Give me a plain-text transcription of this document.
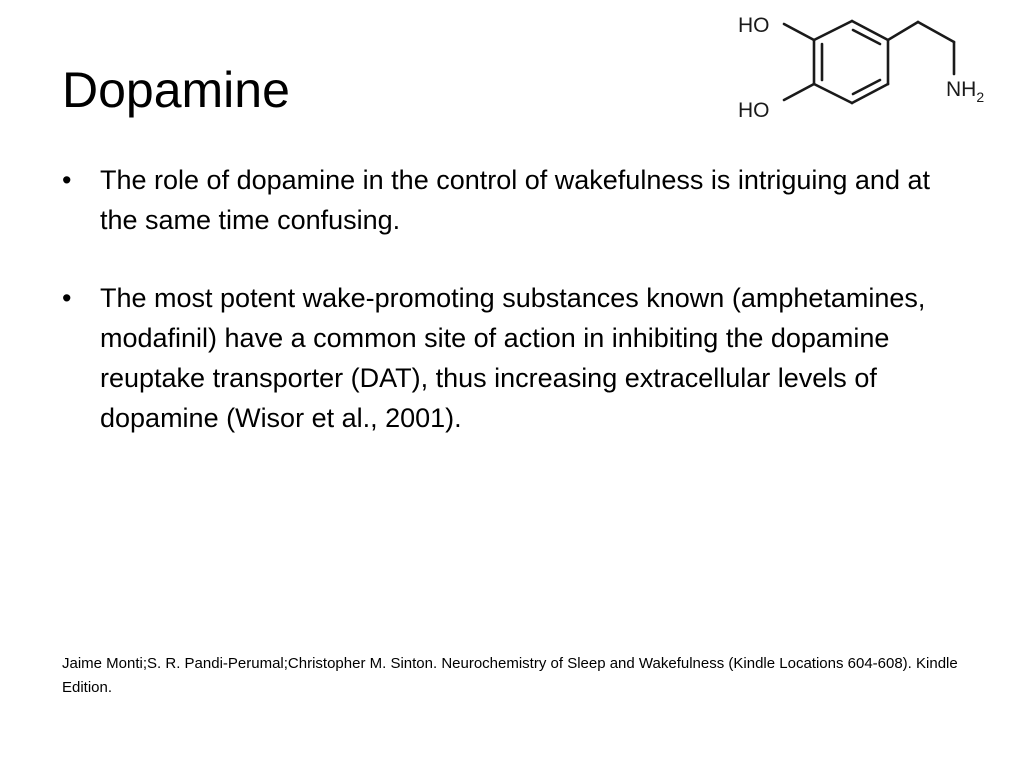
Dopamine
HO
HO
$NH_2$
•	The role of dopamine in the control of wakefulness is intriguing and at the same time confusing.
•	The most potent wake-promoting substances known (amphetamines, modafinil) have a common site of action in inhibiting the dopamine reuptake transporter (DAT), thus increasing extracellular levels of dopamine (Wisor et al., 2001).

Jaime Monti;S. R. Pandi-Perumal;Christopher M. Sinton. Neurochemistry of Sleep and Wakefulness (Kindle Locations 604-608). Kindle Edition.
